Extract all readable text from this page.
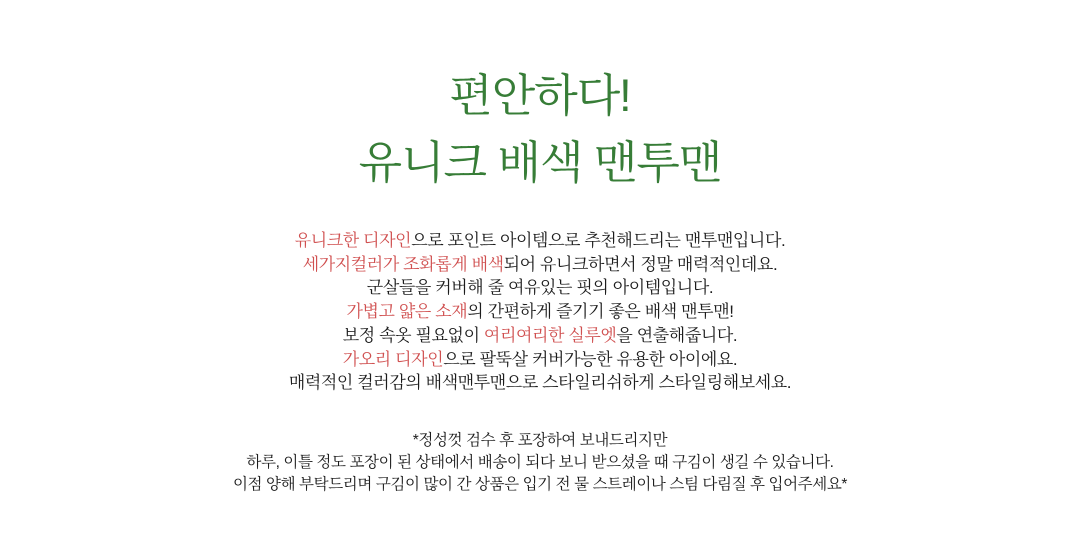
편안하다!
유니크 배색 맨투맨

유니크한 디자인으로 포인트 아이템으로 추천해드리는 맨투맨입니다.

세가지컬러가 조화롭게 배색되어 유니크하면서 정말 매력적인데요.

군살들을 커버해 줄 여유있는 핏의 아이템입니다.

가볍고 얇은 소재의 간편하게 즐기기 좋은 배색 맨투맨!

보정 속옷 필요없이 여리여리한 실루엣을 연출해줍니다.

가오리 디자인으로 팔뚝살 커버가능한 유용한 아이에요.

매력적인 컬러감의 배색맨투맨으로 스타일리쉬하게 스타일링해보세요.

*정성껏 검수 후 포장하여 보내드리지만

하루, 이틀 정도 포장이 된 상태에서 배송이 되다 보니 받으셨을 때 구김이 생길 수 있습니다.

이점 양해 부탁드리며 구김이 많이 간 상품은 입기 전 물 스트레이나 스팀 다림질 후 입어주세요*
